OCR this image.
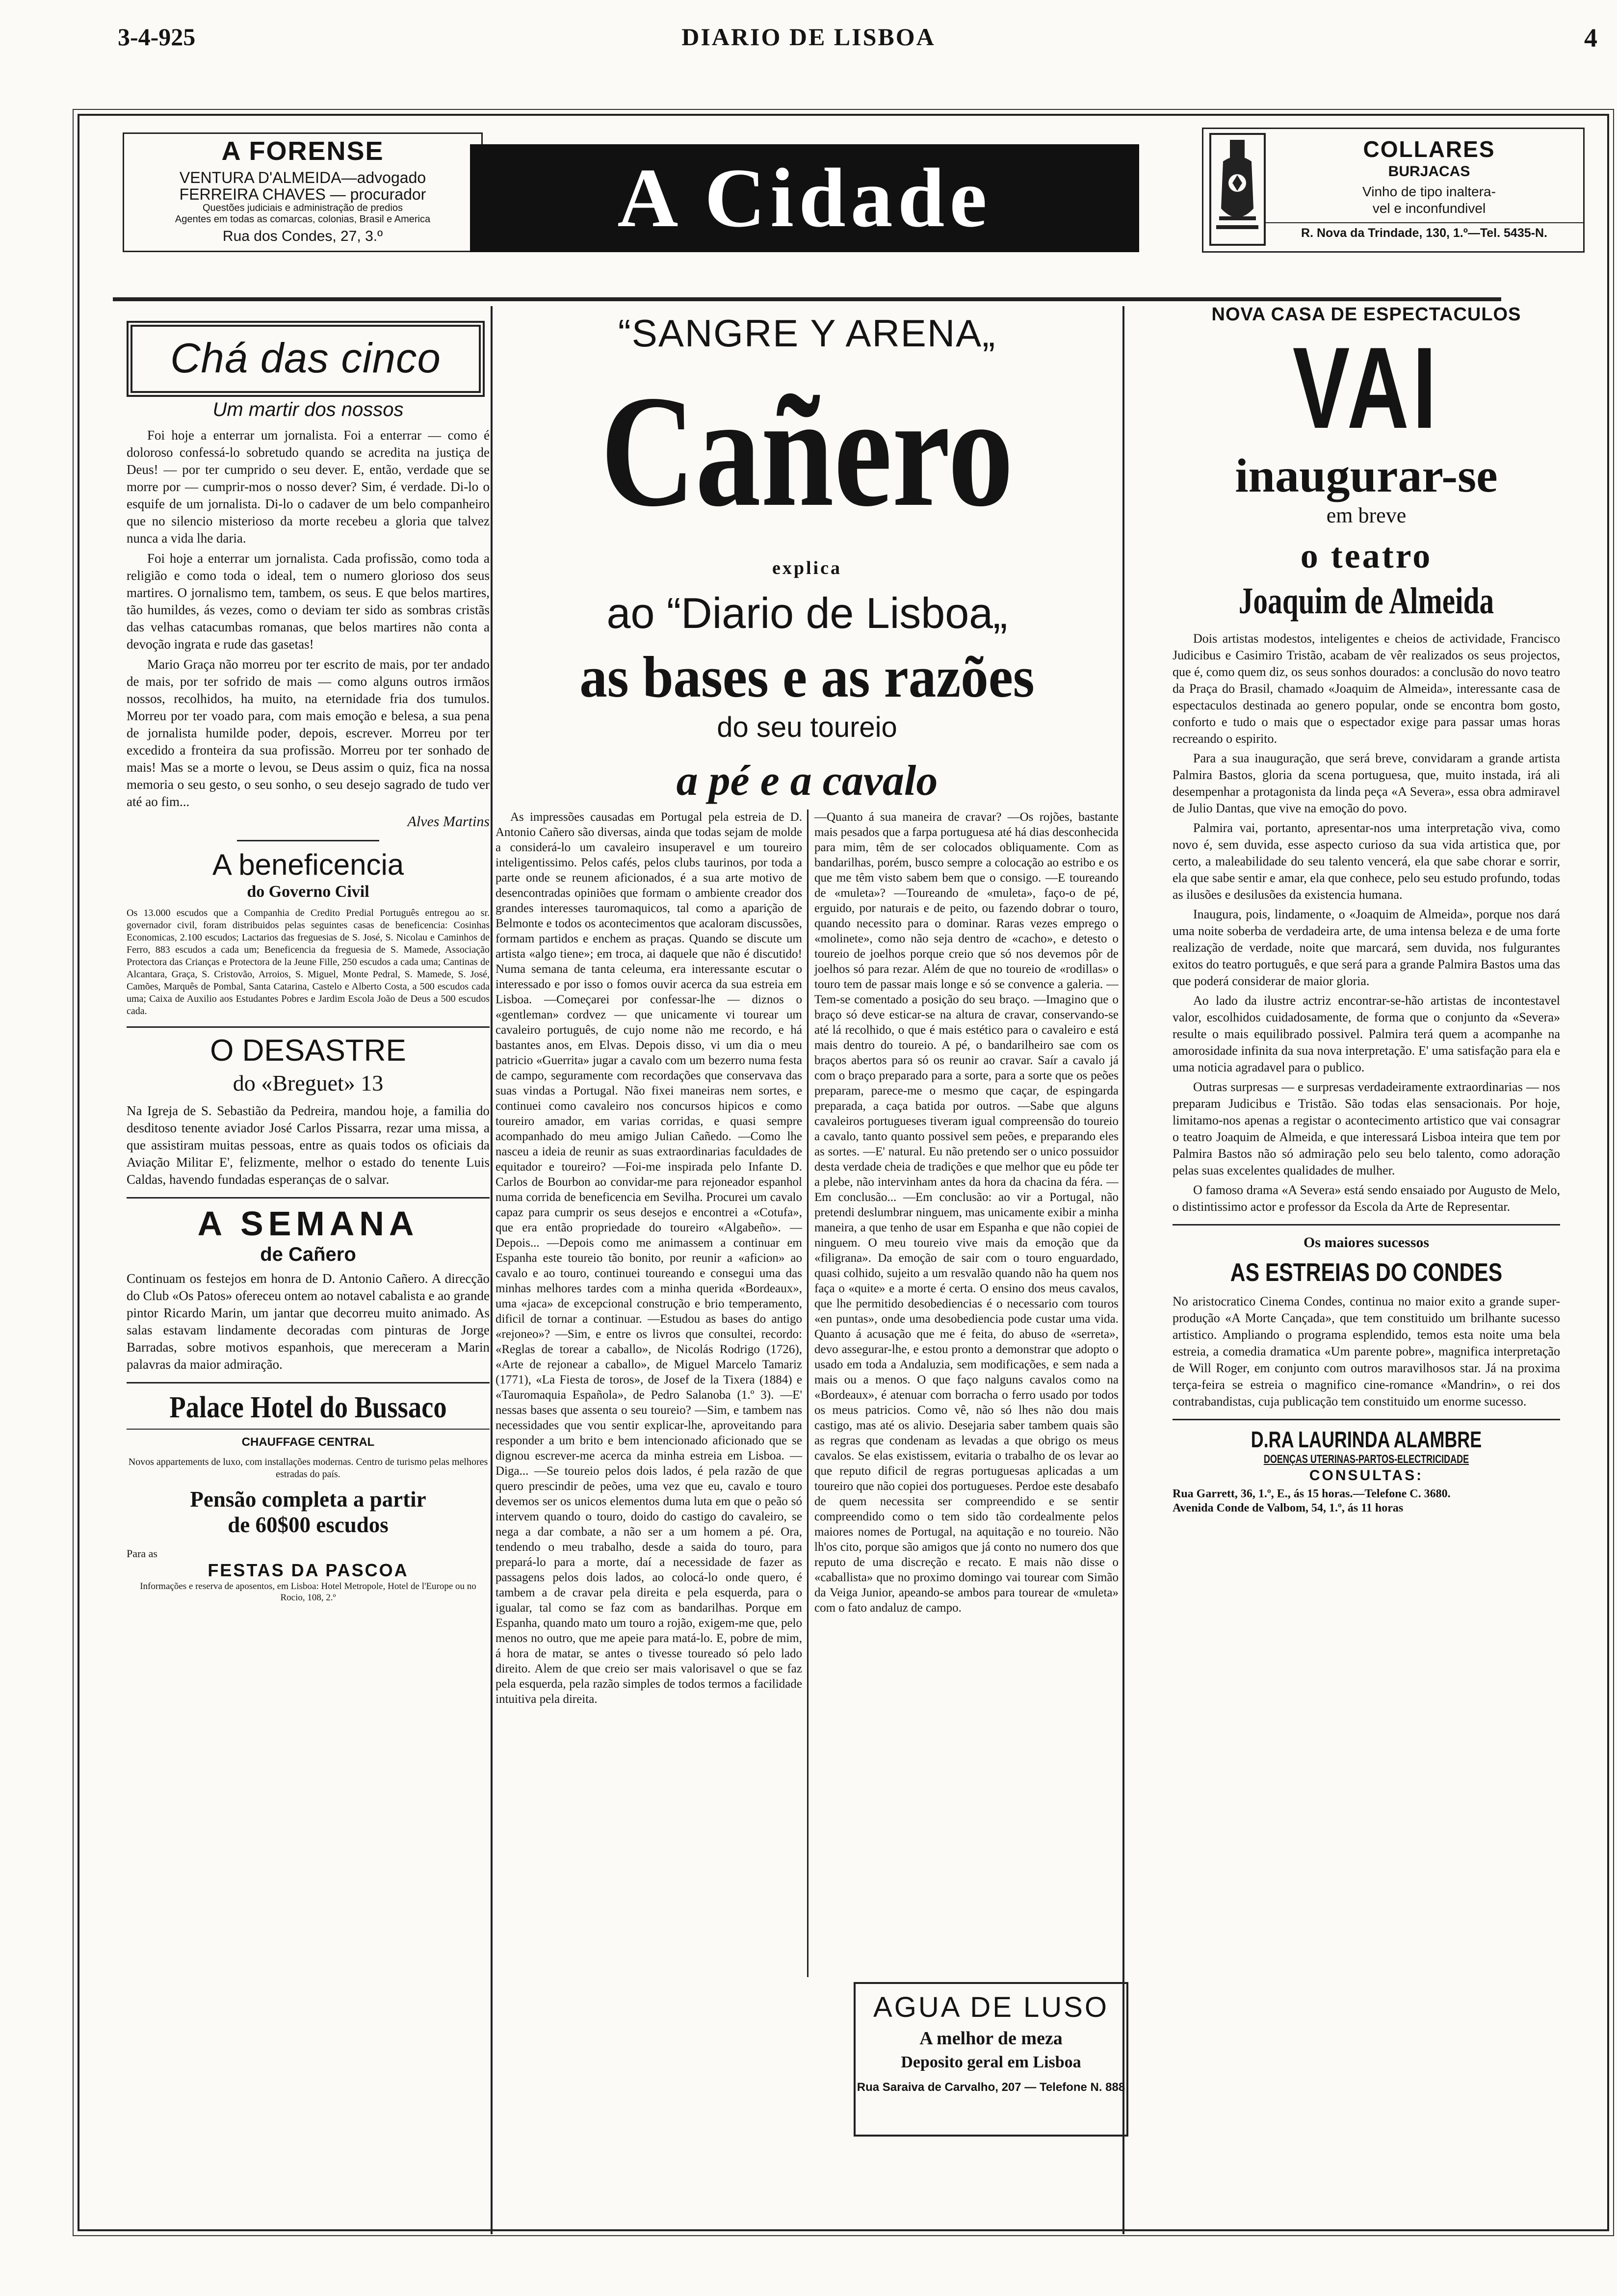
3-4-925	DIARIO DE LISBOA	4
A FORENSE
VENTURA D'ALMEIDA—advogado
FERREIRA CHAVES — procurador
Questões judiciais e administração de predios
Agentes em todas as comarcas, colonias, Brasil e America
Rua dos Condes, 27, 3.º	A Cidade
COLLARES
BURJACAS
Vinho de tipo inaltera-
vel e inconfundivel
R. Nova da Trindade, 130, 1.º—Tel. 5435-N.
Chá das cinco
Um martir dos nossos

Foi hoje a enterrar um jornalista. Foi a enterrar — como é doloroso confessá-lo sobretudo quando se acredita na justiça de Deus! — por ter cumprido o seu dever. E, então, verdade que se morre por — cumprir-mos o nosso dever? Sim, é verdade. Di-lo o esquife de um jornalista. Di-lo o cadaver de um belo companheiro que no silencio misterioso da morte recebeu a gloria que talvez nunca a vida lhe daria.

Foi hoje a enterrar um jornalista. Cada profissão, como toda a religião e como toda o ideal, tem o numero glorioso dos seus martires. O jornalismo tem, tambem, os seus. E que belos martires, tão humildes, ás vezes, como o deviam ter sido as sombras cristãs das velhas catacumbas romanas, que belos martires não conta a devoção ingrata e rude das gasetas!

Mario Graça não morreu por ter escrito de mais, por ter andado de mais, por ter sofrido de mais — como alguns outros irmãos nossos, recolhidos, ha muito, na eternidade fria dos tumulos. Morreu por ter voado para, com mais emoção e belesa, a sua pena de jornalista humilde poder, depois, escrever. Morreu por ter excedido a fronteira da sua profissão. Morreu por ter sonhado de mais! Mas se a morte o levou, se Deus assim o quiz, fica na nossa memoria o seu gesto, o seu sonho, o seu desejo sagrado de tudo ver até ao fim...

Alves Martins
A beneficencia
do Governo Civil
Os 13.000 escudos que a Companhia de Credito Predial Português entregou ao sr. governador civil, foram distribuidos pelas seguintes casas de beneficencia: Cosinhas Economicas, 2.100 escudos; Lactarios das freguesias de S. José, S. Nicolau e Caminhos de Ferro, 883 escudos a cada um; Beneficencia da freguesia de S. Mamede, Associação Protectora das Crianças e Protectora de la Jeune Fille, 250 escudos a cada uma; Cantinas de Alcantara, Graça, S. Cristovão, Arroios, S. Miguel, Monte Pedral, S. Mamede, S. José, Camões, Marquês de Pombal, Santa Catarina, Castelo e Alberto Costa, a 500 escudos cada uma; Caixa de Auxilio aos Estudantes Pobres e Jardim Escola João de Deus a 500 escudos cada.
O DESASTRE
do «Breguet» 13
Na Igreja de S. Sebastião da Pedreira, mandou hoje, a familia do desditoso tenente aviador José Carlos Pissarra, rezar uma missa, a que assistiram muitas pessoas, entre as quais todos os oficiais da Aviação Militar E', felizmente, melhor o estado do tenente Luis Caldas, havendo fundadas esperanças de o salvar.
A SEMANA
de Cañero
Continuam os festejos em honra de D. Antonio Cañero. A direcção do Club «Os Patos» ofereceu ontem ao notavel cabalista e ao grande pintor Ricardo Marin, um jantar que decorreu muito animado. As salas estavam lindamente decoradas com pinturas de Jorge Barradas, sobre motivos espanhois, que mereceram a Marin palavras da maior admiração.
Palace Hotel do Bussaco
CHAUFFAGE CENTRAL
Novos appartements de luxo, com installações modernas. Centro de turismo pelas melhores estradas do país.
Pensão completa a partir
de 60$00 escudos
Para as
FESTAS DA PASCOA
Informações e reserva de aposentos, em Lisboa: Hotel Metropole, Hotel de l'Europe ou no Rocio, 108, 2.º
“SANGRE Y ARENA„
Cañero
explica
ao “Diario de Lisboa„
as bases e as razões
do seu toureio
a pé e a cavalo
As impressões causadas em Portugal pela estreia de D. Antonio Cañero são diversas, ainda que todas sejam de molde a considerá-lo um cavaleiro insuperavel e um toureiro inteligentissimo. Pelos cafés, pelos clubs taurinos, por toda a parte onde se reunem aficionados, é a sua arte motivo de desencontradas opiniões que formam o ambiente creador dos grandes interesses tauromaquicos, tal como a aparição de Belmonte e todos os acontecimentos que acaloram discussões, formam partidos e enchem as praças. Quando se discute um artista «algo tiene»; em troca, ai daquele que não é discutido! Numa semana de tanta celeuma, era interessante escutar o interessado e por isso o fomos ouvir acerca da sua estreia em Lisboa. —Começarei por confessar-lhe — diznos o «gentleman» cordvez — que unicamente vi tourear um cavaleiro português, de cujo nome não me recordo, e há bastantes anos, em Elvas. Depois disso, vi um dia o meu patricio «Guerrita» jugar a cavalo com um bezerro numa festa de campo, seguramente com recordações que conservava das suas vindas a Portugal. Não fixei maneiras nem sortes, e continuei como cavaleiro nos concursos hipicos e como toureiro amador, em varias corridas, e quasi sempre acompanhado do meu amigo Julian Cañedo. —Como lhe nasceu a ideia de reunir as suas extraordinarias faculdades de equitador e toureiro? —Foi-me inspirada pelo Infante D. Carlos de Bourbon ao convidar-me para rejoneador espanhol numa corrida de beneficencia em Sevilha. Procurei um cavalo capaz para cumprir os seus desejos e encontrei a «Cotufa», que era então propriedade do toureiro «Algabeño». —Depois... —Depois como me animassem a continuar em Espanha este toureio tão bonito, por reunir a «aficion» ao cavalo e ao touro, continuei toureando e consegui uma das minhas melhores tardes com a minha querida «Bordeaux», uma «jaca» de excepcional construção e brio temperamento, dificil de tornar a continuar. —Estudou as bases do antigo «rejoneo»? —Sim, e entre os livros que consultei, recordo: «Reglas de torear a caballo», de Nicolás Rodrigo (1726), «Arte de rejonear a caballo», de Miguel Marcelo Tamariz (1771), «La Fiesta de toros», de Josef de la Tixera (1884) e «Tauromaquia Española», de Pedro Salanoba (1.º 3). —E' nessas bases que assenta o seu toureio? —Sim, e tambem nas necessidades que vou sentir explicar-lhe, aproveitando para responder a um brito e bem intencionado aficionado que se dignou escrever-me acerca da minha estreia em Lisboa. —Diga... —Se toureio pelos dois lados, é pela razão de que quero prescindir de peões, uma vez que eu, cavalo e touro devemos ser os unicos elementos duma luta em que o peão só intervem quando o touro, doido do castigo do cavaleiro, se nega a dar combate, a não ser a um homem a pé. Ora, tendendo o meu trabalho, desde a saida do touro, para prepará-lo para a morte, daí a necessidade de fazer as passagens pelos dois lados, ao colocá-lo onde quero, é tambem a de cravar pela direita e pela esquerda, para o igualar, tal como se faz com as bandarilhas. Porque em Espanha, quando mato um touro a rojão, exigem-me que, pelo menos no outro, que me apeie para matá-lo. E, pobre de mim, á hora de matar, se antes o tivesse toureado só pelo lado direito. Alem de que creio ser mais valorisavel o que se faz pela esquerda, pela razão simples de todos termos a facilidade intuitiva pela direita.
—Quanto á sua maneira de cravar? —Os rojões, bastante mais pesados que a farpa portuguesa até há dias desconhecida para mim, têm de ser colocados obliquamente. Com as bandarilhas, porém, busco sempre a colocação ao estribo e os que me têm visto sabem bem que o consigo. —E toureando de «muleta»? —Toureando de «muleta», faço-o de pé, erguido, por naturais e de peito, ou fazendo dobrar o touro, quando necessito para o dominar. Raras vezes emprego o «molinete», como não seja dentro de «cacho», e detesto o toureio de joelhos porque creio que só nos devemos pôr de joelhos só para rezar. Além de que no toureio de «rodillas» o touro tem de passar mais longe e só se convence a galeria. —Tem-se comentado a posição do seu braço. —Imagino que o braço só deve esticar-se na altura de cravar, conservando-se até lá recolhido, o que é mais estético para o cavaleiro e está mais dentro do toureio. A pé, o bandarilheiro sae com os braços abertos para só os reunir ao cravar. Saír a cavalo já com o braço preparado para a sorte, para a sorte que os peões preparam, parece-me o mesmo que caçar, de espingarda preparada, a caça batida por outros. —Sabe que alguns cavaleiros portugueses tiveram igual compreensão do toureio a cavalo, tanto quanto possivel sem peões, e preparando eles as sortes. —E' natural. Eu não pretendo ser o unico possuidor desta verdade cheia de tradições e que melhor que eu pôde ter a plebe, não intervinham antes da hora da chacina da féra. —Em conclusão... —Em conclusão: ao vir a Portugal, não pretendi deslumbrar ninguem, mas unicamente exibir a minha maneira, a que tenho de usar em Espanha e que não copiei de ninguem. O meu toureio vive mais da emoção que da «filigrana». Da emoção de sair com o touro enguardado, quasi colhido, sujeito a um resvalão quando não ha quem nos faça o «quite» e a morte é certa. O ensino dos meus cavalos, que lhe permitido desobediencias é o necessario com touros «en puntas», onde uma desobediencia pode custar uma vida. Quanto á acusação que me é feita, do abuso de «serreta», devo assegurar-lhe, e estou pronto a demonstrar que adopto o usado em toda a Andaluzia, sem modificações, e sem nada a mais ou a menos. O que faço nalguns cavalos como na «Bordeaux», é atenuar com borracha o ferro usado por todos os meus patricios. Como vê, não só lhes não dou mais castigo, mas até os alivio. Desejaria saber tambem quais são as regras que condenam as levadas a que obrigo os meus cavalos. Se elas existissem, evitaria o trabalho de os levar ao que reputo dificil de regras portuguesas aplicadas a um toureiro que não copiei dos portugueses. Perdoe este desabafo de quem necessita ser compreendido e se sentir compreendido como o tem sido tão cordealmente pelos maiores nomes de Portugal, na aquitação e no toureio. Não lh'os cito, porque são amigos que já conto no numero dos que reputo de uma discreção e recato. E mais não disse o «caballista» que no proximo domingo vai tourear com Simão da Veiga Junior, apeando-se ambos para tourear de «muleta» com o fato andaluz de campo.
AGUA DE LUSO
A melhor de meza
Deposito geral em Lisboa
Rua Saraiva de Carvalho, 207 — Telefone N. 888
NOVA CASA DE ESPECTACULOS
VAI
inaugurar-se
em breve
o teatro
Joaquim de Almeida

Dois artistas modestos, inteligentes e cheios de actividade, Francisco Judicibus e Casimiro Tristão, acabam de vêr realizados os seus projectos, que é, como quem diz, os seus sonhos dourados: a conclusão do novo teatro da Praça do Brasil, chamado «Joaquim de Almeida», interessante casa de espectaculos destinada ao genero popular, onde se encontra bom gosto, conforto e tudo o mais que o espectador exige para passar umas horas recreando o espirito.

Para a sua inauguração, que será breve, convidaram a grande artista Palmira Bastos, gloria da scena portuguesa, que, muito instada, irá ali desempenhar a protagonista da linda peça «A Severa», essa obra admiravel de Julio Dantas, que vive na emoção do povo.

Palmira vai, portanto, apresentar-nos uma interpretação viva, como novo é, sem duvida, esse aspecto curioso da sua vida artistica que, por certo, a maleabilidade do seu talento vencerá, ela que sabe chorar e sorrir, ela que sabe sentir e amar, ela que conhece, pelo seu estudo profundo, todas as ilusões e desilusões da existencia humana.

Inaugura, pois, lindamente, o «Joaquim de Almeida», porque nos dará uma noite soberba de verdadeira arte, de uma intensa beleza e de uma forte realização de verdade, noite que marcará, sem duvida, nos fulgurantes exitos do teatro português, e que será para a grande Palmira Bastos uma das que poderá considerar de maior gloria.

Ao lado da ilustre actriz encontrar-se-hão artistas de incontestavel valor, escolhidos cuidadosamente, de forma que o conjunto da «Severa» resulte o mais equilibrado possivel. Palmira terá quem a acompanhe na amorosidade infinita da sua nova interpretação. E' uma satisfação para ela e uma noticia agradavel para o publico.

Outras surpresas — e surpresas verdadeiramente extraordinarias — nos preparam Judicibus e Tristão. São todas elas sensacionais. Por hoje, limitamo-nos apenas a registar o acontecimento artistico que vai consagrar o teatro Joaquim de Almeida, e que interessará Lisboa inteira que tem por Palmira Bastos não só admiração pelo seu belo talento, como adoração pelas suas excelentes qualidades de mulher.

O famoso drama «A Severa» está sendo ensaiado por Augusto de Melo, o distintissimo actor e professor da Escola da Arte de Representar.

Os maiores sucessos
AS ESTREIAS DO CONDES
No aristocratico Cinema Condes, continua no maior exito a grande super-produção «A Morte Cançada», que tem constituido um brilhante sucesso artistico. Ampliando o programa esplendido, temos esta noite uma bela estreia, a comedia dramatica «Um parente pobre», magnifica interpretação de Will Roger, em conjunto com outros maravilhosos star. Já na proxima terça-feira se estreia o magnifico cine-romance «Mandrin», o rei dos contrabandistas, cuja publicação tem constituido um enorme sucesso.
D.RA LAURINDA ALAMBRE
DOENÇAS UTERINAS-PARTOS-ELECTRICIDADE
CONSULTAS:
Rua Garrett, 36, 1.º, E., ás 15 horas.—Telefone C. 3680.
Avenida Conde de Valbom, 54, 1.º, ás 11 horas
